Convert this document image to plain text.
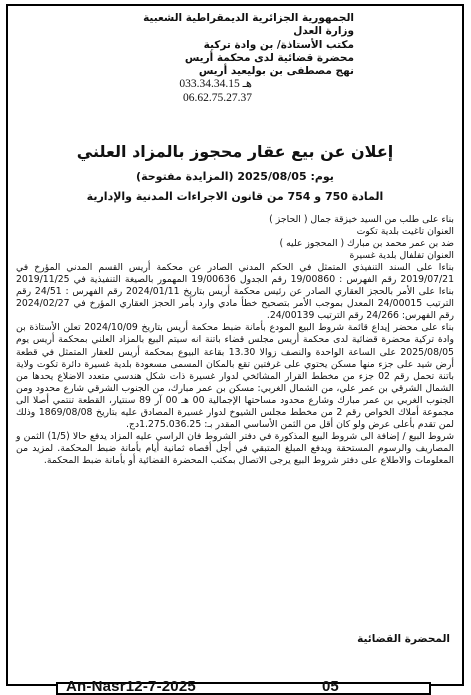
الجمهورية الجزائرية الديمقراطية الشعبية
وزارة العدل
مكتب الأستاذة/ بن وادة تركية
محضرة قضائية لدى محكمة أريس
نهج مصطفى بن بوليعيد أريس
هـ 033.34.34.15
06.62.75.27.37
إعلان عن بيع عقار محجوز بالمزاد العلني
يوم: 2025/08/05 (المزايدة مفتوحة)
المادة 750 و 754 من قانون الاجراءات المدنية والإدارية

بناء على طلب من السيد خيزقة جمال ( الحاجز )

العنوان تاغيت بلدية تكوت

ضد بن عمر محمد بن مبارك ( المحجوز عليه )

العنوان تفلفال بلدية غسيرة

بناءا على السند التنفيذي المتمثل في الحكم المدني الصادر عن محكمة أريس القسم المدني المؤرخ في 2019/07/21 رقم الفهرس : 19/00860 رقم الجدول 19/00636 المهمور بالصيغة التنفيذية في 2019/11/25 بناءا على الأمر بالحجز العقاري الصادر عن رئيس محكمة أريس بتاريخ 2024/01/11 رقم الفهرس : 24/51 رقم الترتيب 24/00015 المعدل بموجب الأمر بتصحيح خطأ مادي وارد بأمر الحجز العقاري المؤرخ في 2024/02/27 رقم الفهرس: 24/266 رقم الترتيب 24/00139.

بناء على محضر إيداع قائمة شروط البيع المودع بأمانة ضبط محكمة أريس بتاريخ 2024/10/09 تعلن الأستاذة بن وادة تركية محضرة قضائية لدى محكمة أريس مجلس قضاء باتنة انه سيتم البيع بالمزاد العلني بمحكمة أريس يوم 2025/08/05 على الساعة الواحدة والنصف زوالا 13.30 بقاعة البيوع بمحكمة أريس للعقار المتمثل في قطعة أرض شيد على جزء منها مسكن يحتوي على غرفتين تقع بالمكان المسمى مسعودة بلدية غسيرة دائرة تكوت ولاية باتنة تحمل رقم 02 جزء من مخطط القرار المشائخي لدوار غسيرة ذات شكل هندسي متعدد الاضلاع يحدها من الشمال الشرقي بن عمر علي، من الشمال الغربي: مسكن بن عمر مبارك، من الجنوب الشرقي شارع محدود ومن الجنوب الغربي بن عمر مبارك وشارع محدود مساحتها الإجمالية 00 هـ 00 آر 89 سنتيار، القطعة تنتمي أصلا الى مجموعة أملاك الخواص رقم 2 من مخطط مجلس الشيوخ لدوار غسيرة المصادق عليه بتاريخ 1869/08/08 وذلك لمن تقدم بأعلى عرض ولو كان أقل من الثمن الأساسي المقدر بـ: 1.275.036.25دج.

شروط البيع / إضافة الى شروط البيع المذكورة في دفتر الشروط فان الراسي عليه المزاد يدفع حالا (1/5) الثمن و المصاريف والرسوم المستحقة ويدفع المبلغ المتبقي في أجل أقصاه ثمانية أيام بأمانة ضبط المحكمة. لمزيد من المعلومات والاطلاع على دفتر شروط البيع يرجى الاتصال بمكتب المحضرة القضائية أو بأمانة ضبط المحكمة.

المحضرة القضائية
An-Nasr12-7-2025	05
